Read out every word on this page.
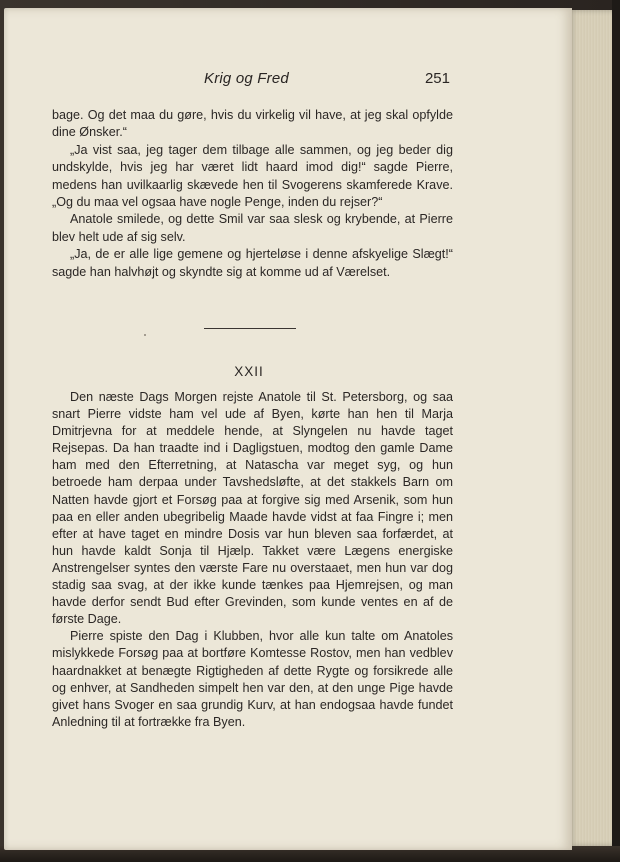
Krig og Fred	251

bage. Og det maa du gøre, hvis du virkelig vil have, at jeg skal opfylde dine Ønsker.“

„Ja vist saa, jeg tager dem tilbage alle sammen, og jeg beder dig undskylde, hvis jeg har været lidt haard imod dig!“ sagde Pierre, medens han uvilkaarlig skævede hen til Svogerens skamferede Krave. „Og du maa vel ogsaa have nogle Penge, inden du rejser?“

Anatole smilede, og dette Smil var saa slesk og krybende, at Pierre blev helt ude af sig selv.

„Ja, de er alle lige gemene og hjerteløse i denne afskyelige Slægt!“ sagde han halvhøjt og skyndte sig at komme ud af Værelset.

XXII

Den næste Dags Morgen rejste Anatole til St. Petersborg, og saa snart Pierre vidste ham vel ude af Byen, kørte han hen til Marja Dmitrjevna for at meddele hende, at Slyngelen nu havde taget Rejsepas. Da han traadte ind i Dagligstuen, modtog den gamle Dame ham med den Efterretning, at Natascha var meget syg, og hun betroede ham derpaa under Tavshedsløfte, at det stakkels Barn om Natten havde gjort et Forsøg paa at forgive sig med Arsenik, som hun paa en eller anden ubegribelig Maade havde vidst at faa Fingre i; men efter at have taget en mindre Dosis var hun bleven saa forfærdet, at hun havde kaldt Sonja til Hjælp. Takket være Lægens energiske Anstrengelser syntes den værste Fare nu overstaaet, men hun var dog stadig saa svag, at der ikke kunde tænkes paa Hjemrejsen, og man havde derfor sendt Bud efter Grevinden, som kunde ventes en af de første Dage.

Pierre spiste den Dag i Klubben, hvor alle kun talte om Anatoles mislykkede Forsøg paa at bortføre Komtesse Rostov, men han vedblev haardnakket at benægte Rigtigheden af dette Rygte og forsikrede alle og enhver, at Sandheden simpelt hen var den, at den unge Pige havde givet hans Svoger en saa grundig Kurv, at han endogsaa havde fundet Anledning til at fortrække fra Byen.
